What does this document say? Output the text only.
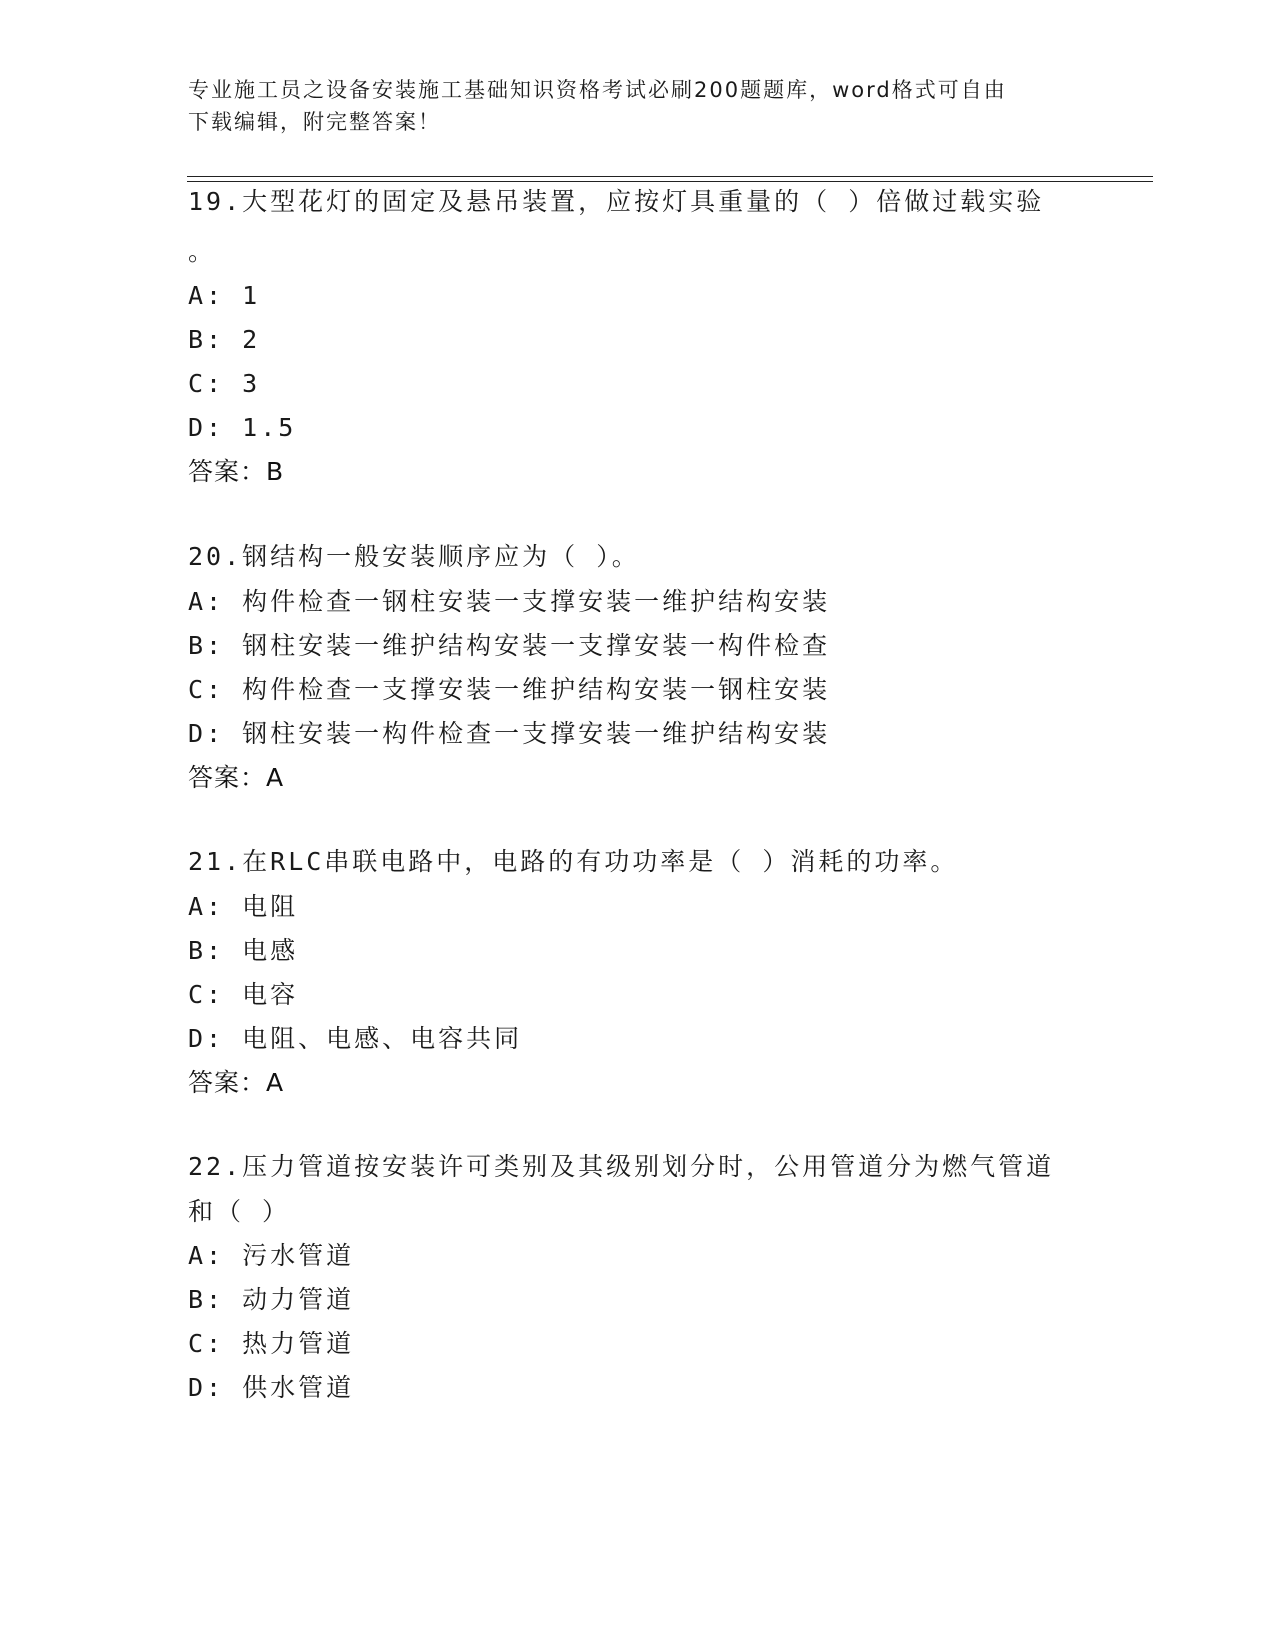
专业施工员之设备安装施工基础知识资格考试必刷200题题库，word格式可自由
下载编辑，附完整答案！
19.大型花灯的固定及悬吊装置，应按灯具重量的（ ）倍做过载实验
。
A: 1
B: 2
C: 3
D: 1.5
答案：B
20.钢结构一般安装顺序应为（ ）。
A: 构件检查一钢柱安装一支撑安装一维护结构安装
B: 钢柱安装一维护结构安装一支撑安装一构件检查
C: 构件检查一支撑安装一维护结构安装一钢柱安装
D: 钢柱安装一构件检查一支撑安装一维护结构安装
答案：A
21.在RLC串联电路中，电路的有功功率是（ ）消耗的功率。
A: 电阻
B: 电感
C: 电容
D: 电阻、电感、电容共同
答案：A
22.压力管道按安装许可类别及其级别划分时，公用管道分为燃气管道
和（ ）
A: 污水管道
B: 动力管道
C: 热力管道
D: 供水管道
